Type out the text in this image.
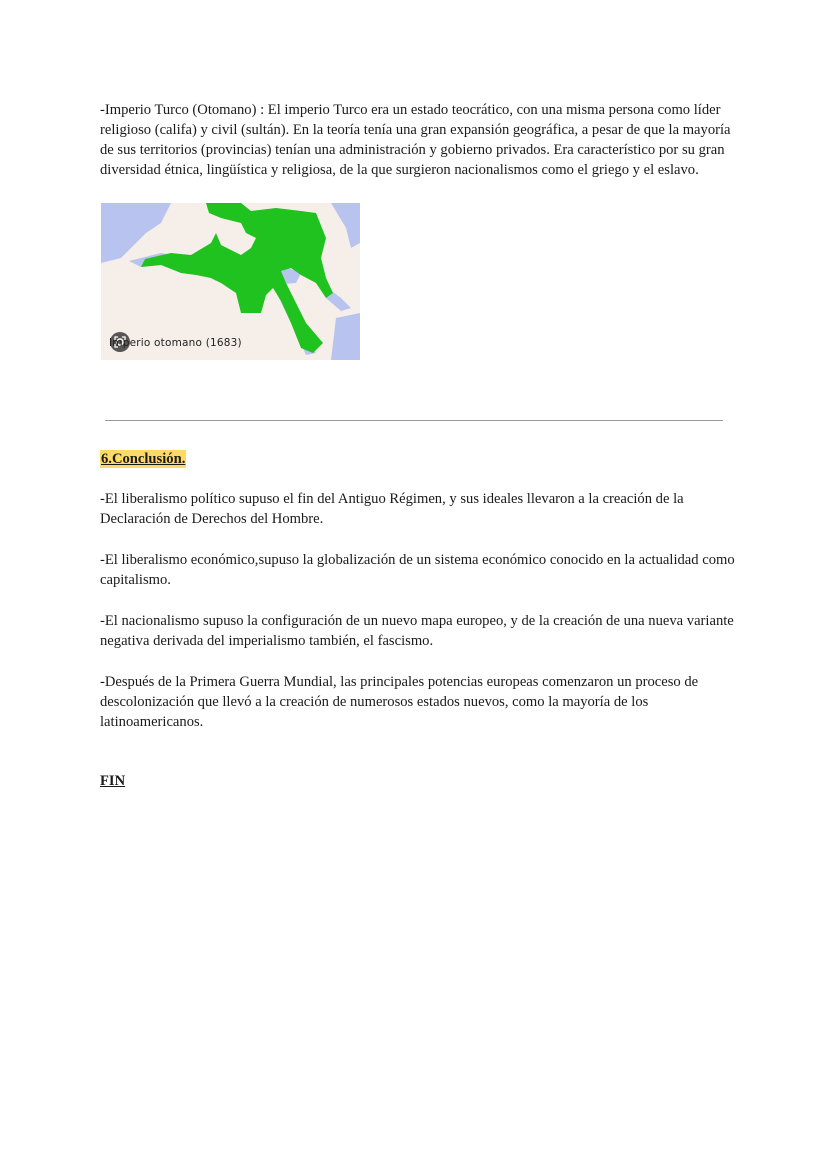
-Imperio Turco (Otomano) : El imperio Turco era un estado teocrático, con una misma persona como líder religioso (califa) y civil (sultán). En la teoría tenía una gran expansión geográfica, a pesar de que la mayoría de sus territorios (provincias) tenían una administración y gobierno privados. Era característico por su gran diversidad étnica, lingüística y religiosa, de la que surgieron nacionalismos como el griego y el eslavo.

Imperio otomano (1683)
6.Conclusión.

-El liberalismo político supuso el fin del Antiguo Régimen, y sus ideales llevaron a la creación de la Declaración de Derechos del Hombre.

-El liberalismo económico,supuso la globalización de un sistema económico conocido en la actualidad como capitalismo.

-El nacionalismo supuso la configuración de un nuevo mapa europeo, y de la creación de una nueva variante negativa derivada del imperialismo también, el fascismo.

-Después de la Primera Guerra Mundial, las principales potencias europeas comenzaron un proceso de descolonización que llevó a la creación de numerosos estados nuevos, como la mayoría de los latinoamericanos.

FIN
